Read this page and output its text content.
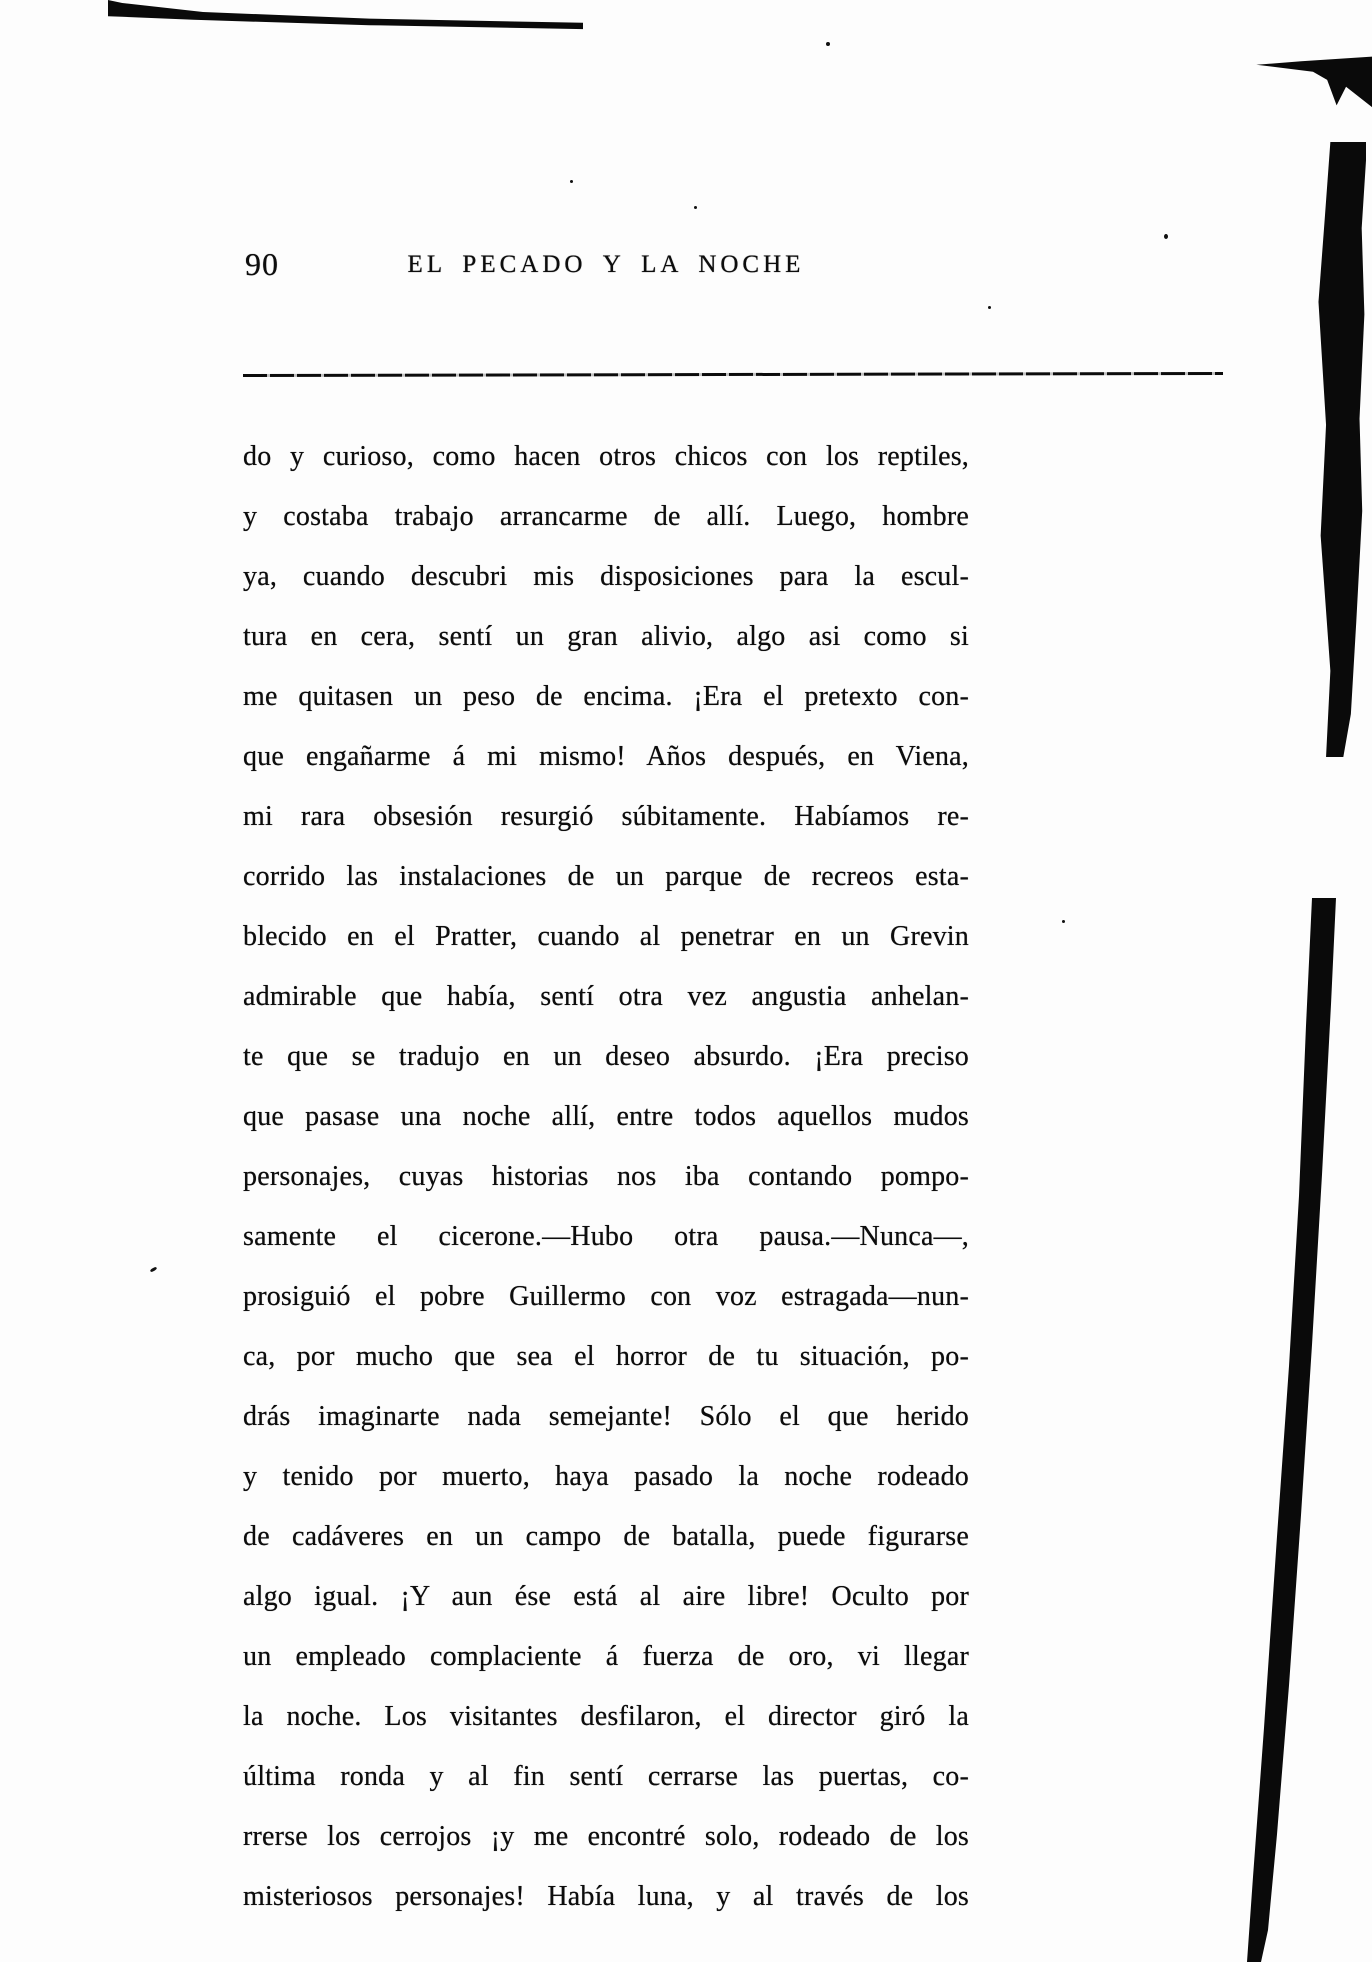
90	EL PECADO Y LA NOCHE
do y curioso, como hacen otros chicos con los reptiles,
y costaba trabajo arrancarme de allí. Luego, hombre
ya, cuando descubri mis disposiciones para la escul-
tura en cera, sentí un gran alivio, algo asi como si
me quitasen un peso de encima. ¡Era el pretexto con-
que engañarme á mi mismo! Años después, en Viena,
mi rara obsesión resurgió súbitamente. Habíamos re-
corrido las instalaciones de un parque de recreos esta-
blecido en el Pratter, cuando al penetrar en un Grevin
admirable que había, sentí otra vez angustia anhelan-
te que se tradujo en un deseo absurdo. ¡Era preciso
que pasase una noche allí, entre todos aquellos mudos
personajes, cuyas historias nos iba contando pompo-
samente el cicerone.—Hubo otra pausa.—Nunca—,
prosiguió el pobre Guillermo con voz estragada—nun-
ca, por mucho que sea el horror de tu situación, po-
drás imaginarte nada semejante! Sólo el que herido
y tenido por muerto, haya pasado la noche rodeado
de cadáveres en un campo de batalla, puede figurarse
algo igual. ¡Y aun ése está al aire libre! Oculto por
un empleado complaciente á fuerza de oro, vi llegar
la noche. Los visitantes desfilaron, el director giró la
última ronda y al fin sentí cerrarse las puertas, co-
rrerse los cerrojos ¡y me encontré solo, rodeado de los
misteriosos personajes! Había luna, y al través de los
